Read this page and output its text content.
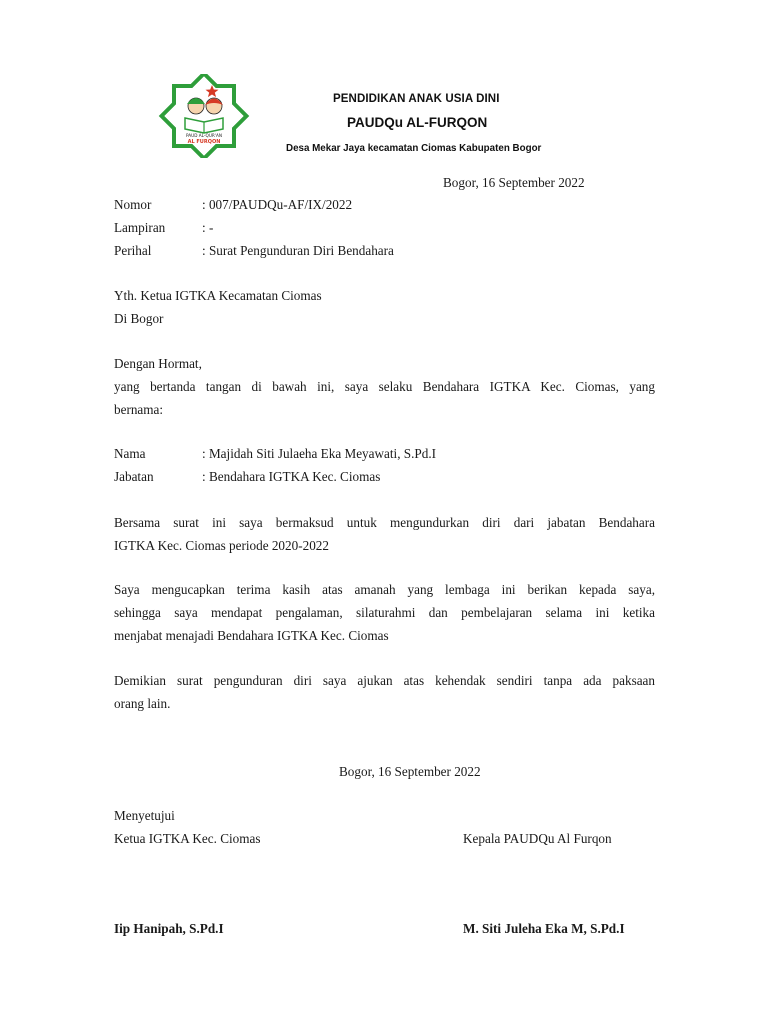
PAUD AL-QUR'AN
AL FURQON
PENDIDIKAN ANAK USIA DINI
PAUDQu AL-FURQON
Desa Mekar Jaya kecamatan Ciomas Kabupaten Bogor
Bogor, 16 September 2022
Nomor	: 007/PAUDQu-AF/IX/2022
Lampiran	: -
Perihal	: Surat Pengunduran Diri Bendahara
Yth. Ketua IGTKA Kecamatan Ciomas
Di Bogor
Dengan Hormat,
yang bertanda tangan di bawah ini, saya selaku Bendahara IGTKA Kec. Ciomas, yang
bernama:
Nama	: Majidah Siti Julaeha Eka Meyawati, S.Pd.I
Jabatan	: Bendahara IGTKA Kec. Ciomas
Bersama surat ini saya bermaksud untuk mengundurkan diri dari jabatan Bendahara
IGTKA Kec. Ciomas periode 2020-2022
Saya mengucapkan terima kasih atas amanah yang lembaga ini berikan kepada saya,
sehingga saya mendapat pengalaman, silaturahmi dan pembelajaran selama ini ketika
menjabat menajadi Bendahara IGTKA Kec. Ciomas
Demikian surat pengunduran diri saya ajukan atas kehendak sendiri tanpa ada paksaan
orang lain.
Bogor, 16 September 2022
Menyetujui
Ketua IGTKA Kec. Ciomas	Kepala PAUDQu Al Furqon
Iip Hanipah, S.Pd.I	M. Siti Juleha Eka M, S.Pd.I
